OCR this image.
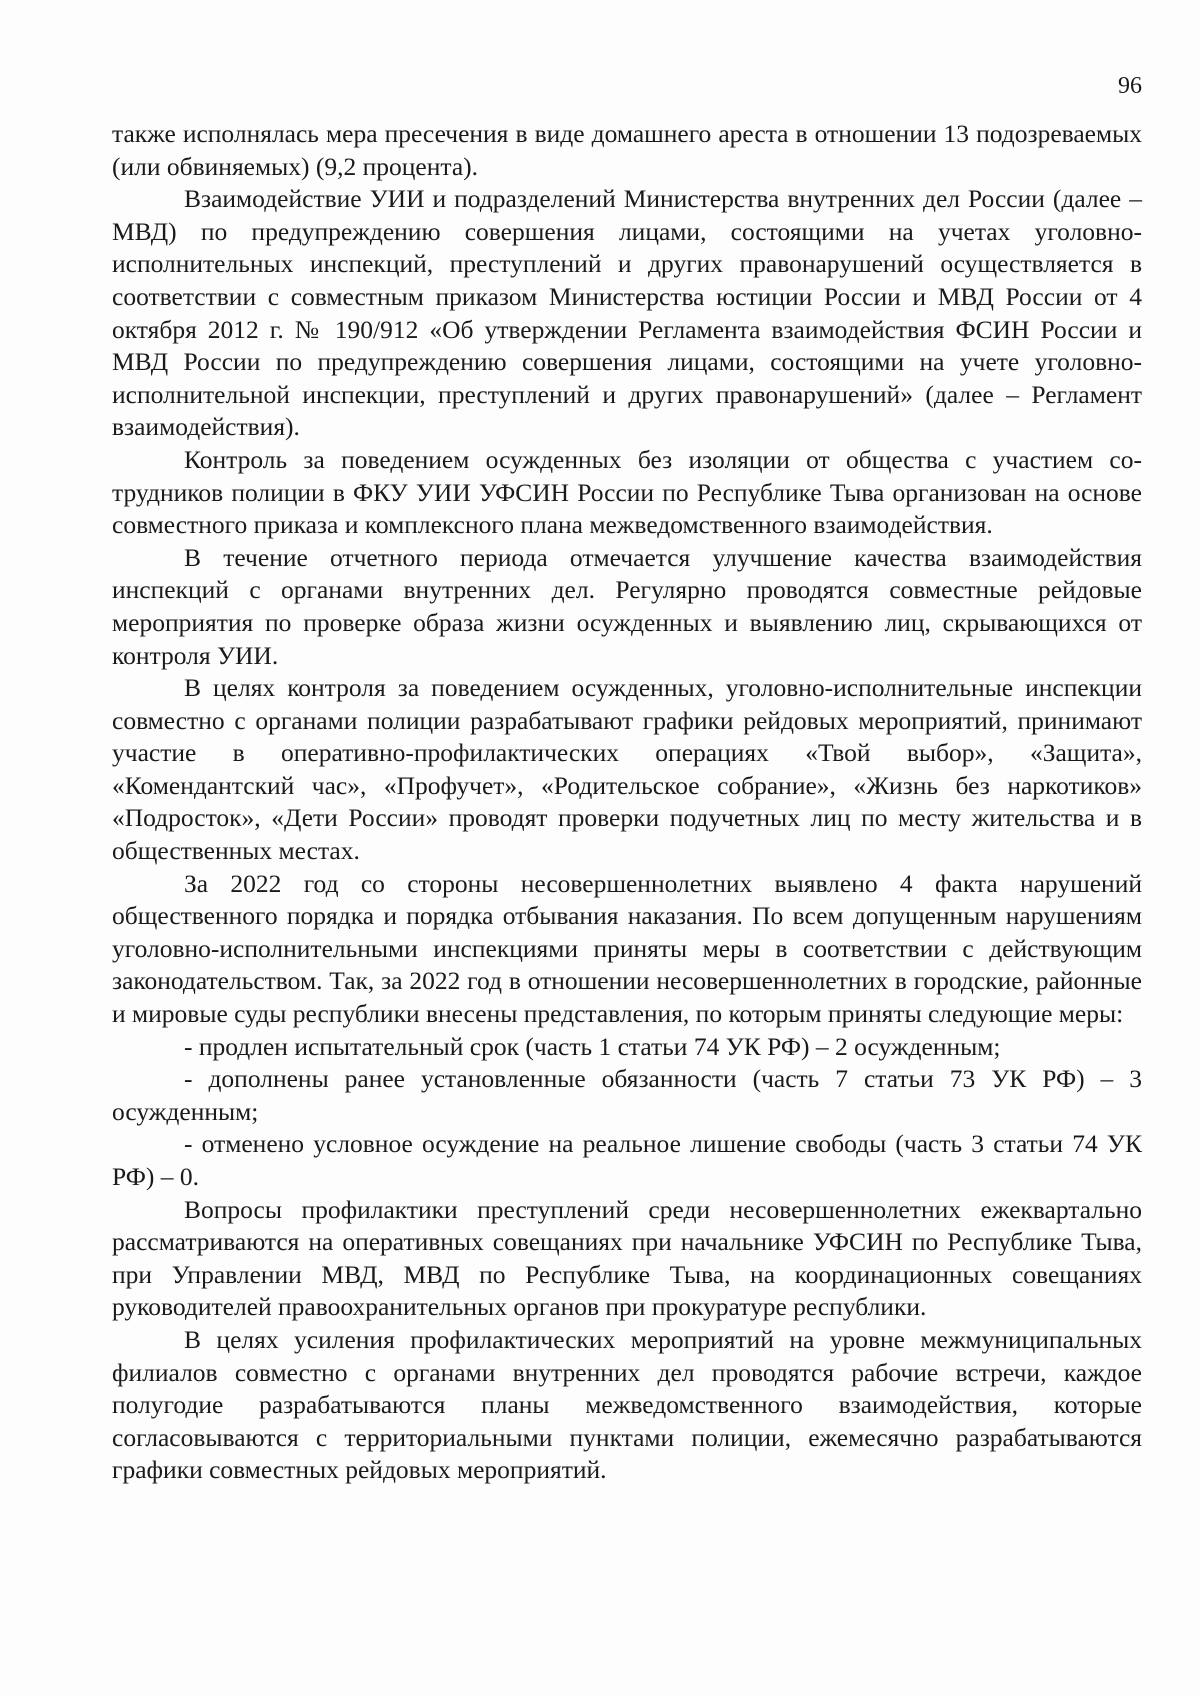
96

также исполнялась мера пресечения в виде домашнего ареста в отношении 13 подозреваемых (или обвиняемых) (9,2 процента).

Взаимодействие УИИ и подразделений Министерства внутренних дел России (далее – МВД) по предупреждению совершения лицами, состоящими на учетах уголовно-исполнительных инспекций, преступлений и других правонарушений осуществляется в соответствии с совместным приказом Министерства юстиции России и МВД России от 4 октября 2012 г. № 190/912 «Об утверждении Регламента взаимодействия ФСИН России и МВД России по предупреждению совершения лицами, состоящими на учете уголовно-исполнительной инспекции, преступлений и других правонарушений» (далее – Регламент взаимодействия).

Контроль за поведением осужденных без изоляции от общества с участием сотрудников полиции в ФКУ УИИ УФСИН России по Республике Тыва организован на основе совместного приказа и комплексного плана межведомственного взаимодействия.

В течение отчетного периода отмечается улучшение качества взаимодействия инспекций с органами внутренних дел. Регулярно проводятся совместные рейдовые мероприятия по проверке образа жизни осужденных и выявлению лиц, скрывающихся от контроля УИИ.

В целях контроля за поведением осужденных, уголовно-исполнительные инспекции совместно с органами полиции разрабатывают графики рейдовых мероприятий, принимают участие в оперативно-профилактических операциях «Твой выбор», «Защита», «Комендантский час», «Профучет», «Родительское собрание», «Жизнь без наркотиков» «Подросток», «Дети России» проводят проверки подучетных лиц по месту жительства и в общественных местах.

За 2022 год со стороны несовершеннолетних выявлено 4 факта нарушений общественного порядка и порядка отбывания наказания. По всем допущенным нарушениям уголовно-исполнительными инспекциями приняты меры в соответствии с действующим законодательством. Так, за 2022 год в отношении несовершеннолетних в городские, районные и мировые суды республики внесены представления, по которым приняты следующие меры:

- продлен испытательный срок (часть 1 статьи 74 УК РФ) – 2 осужденным;

- дополнены ранее установленные обязанности (часть 7 статьи 73 УК РФ) – 3 осужденным;

- отменено условное осуждение на реальное лишение свободы (часть 3 статьи 74 УК РФ) – 0.

Вопросы профилактики преступлений среди несовершеннолетних ежеквартально рассматриваются на оперативных совещаниях при начальнике УФСИН по Республике Тыва, при Управлении МВД, МВД по Республике Тыва, на координационных совещаниях руководителей правоохранительных органов при прокуратуре республики.

В целях усиления профилактических мероприятий на уровне межмуниципальных филиалов совместно с органами внутренних дел проводятся рабочие встречи, каждое полугодие разрабатываются планы межведомственного взаимодействия, которые согласовываются с территориальными пунктами полиции, ежемесячно разрабатываются графики совместных рейдовых мероприятий.
